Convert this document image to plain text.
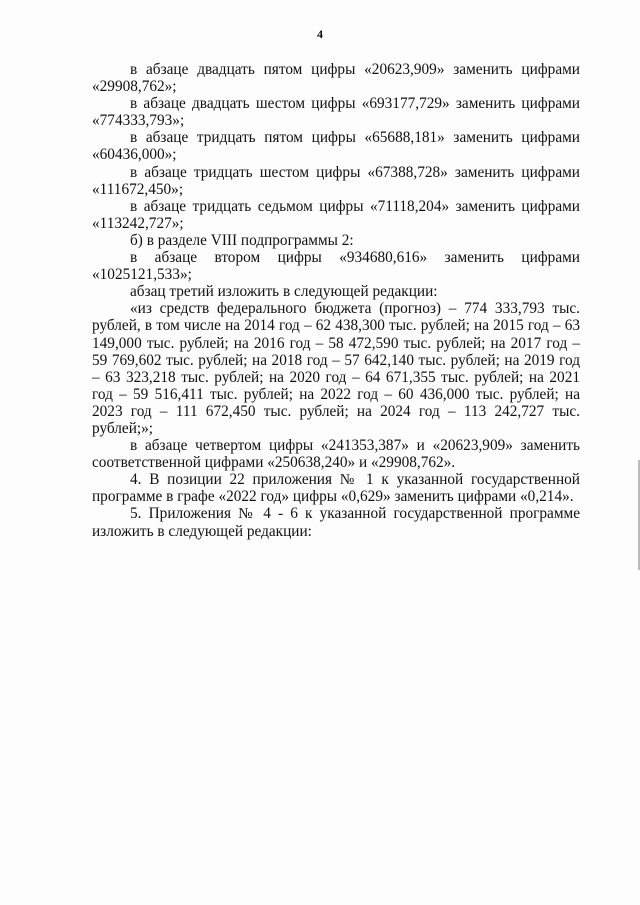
4

в абзаце двадцать пятом цифры «20623,909» заменить цифрами «29908,762»;

в абзаце двадцать шестом цифры «693177,729» заменить цифрами «774333,793»;

в абзаце тридцать пятом цифры «65688,181» заменить цифрами «60436,000»;

в абзаце тридцать шестом цифры «67388,728» заменить цифрами «111672,450»;

в абзаце тридцать седьмом цифры «71118,204» заменить цифрами «113242,727»;

б) в разделе VIII подпрограммы 2:

в абзаце втором цифры «934680,616» заменить цифрами «1025121,533»;

абзац третий изложить в следующей редакции:

«из средств федерального бюджета (прогноз) – 774 333,793 тыс. рублей, в том числе на 2014 год – 62 438,300 тыс. рублей; на 2015 год – 63 149,000 тыс. рублей; на 2016 год – 58 472,590 тыс. рублей; на 2017 год – 59 769,602 тыс. рублей; на 2018 год – 57 642,140 тыс. рублей; на 2019 год – 63 323,218 тыс. рублей; на 2020 год – 64 671,355 тыс. рублей; на 2021 год – 59 516,411 тыс. рублей; на 2022 год – 60 436,000 тыс. рублей; на 2023 год – 111 672,450 тыс. рублей; на 2024 год – 113 242,727 тыс. рублей;»;

в абзаце четвертом цифры «241353,387» и «20623,909» заменить соответственной цифрами «250638,240» и «29908,762».

4. В позиции 22 приложения № 1 к указанной государственной программе в графе «2022 год» цифры «0,629» заменить цифрами «0,214».

5. Приложения № 4 - 6 к указанной государственной программе изложить в следующей редакции:
